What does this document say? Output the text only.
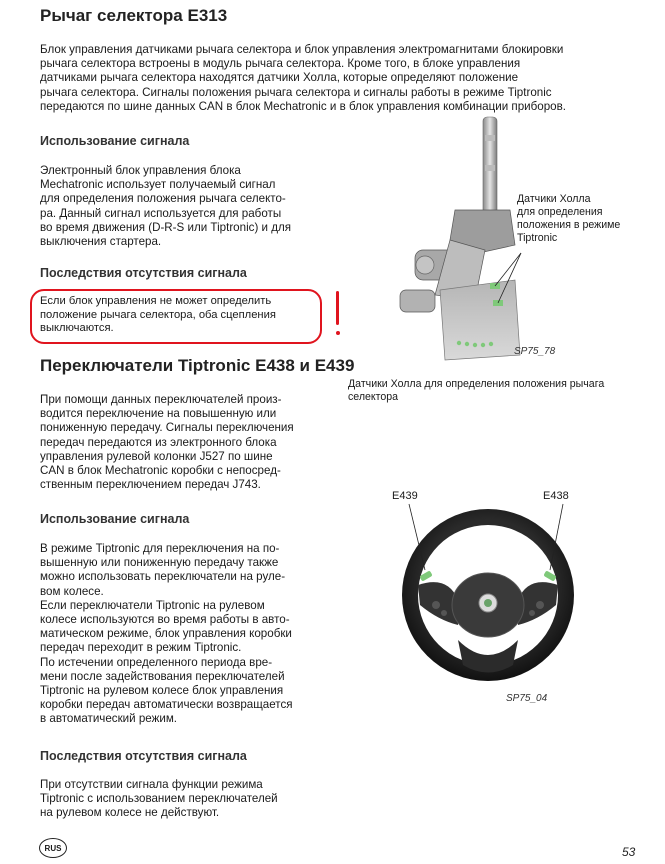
Рычаг селектора E313
Блок управления датчиками рычага селектора и блок управления электромагнитами блокировки
рычага селектора встроены в модуль рычага селектора. Кроме того, в блоке управления
датчиками рычага селектора находятся датчики Холла, которые определяют положение
рычага селектора. Сигналы положения рычага селектора и сигналы работы в режиме Tiptronic
передаются по шине данных CAN в блок Mechatronic и в блок управления комбинации приборов.
Использование сигнала
Электронный блок управления блока
Mechatronic использует получаемый сигнал
для определения положения рычага селекто-
ра. Данный сигнал используется для работы
во время движения (D-R-S или Tiptronic) и для
выключения стартера.
Последствия отсутствия сигнала
Если блок управления не может определить
положение рычага селектора, оба сцепления
выключаются.
Датчики Холла
для определения
положения в режиме
Tiptronic
SP75_78
Датчики Холла для определения положения рычага
селектора
Переключатели Tiptronic E438 и E439
При помощи данных переключателей произ-
водится переключение на повышенную или
пониженную передачу. Сигналы переключения
передач передаются из электронного блока
управления рулевой колонки J527 по шине
CAN в блок Mechatronic коробки с непосред-
ственным переключением передач J743.
Использование сигнала
В режиме Tiptronic для переключения на по-
вышенную или пониженную передачу также
можно использовать переключатели на руле-
вом колесе.
Если переключатели Tiptronic на рулевом
колесе используются во время работы в авто-
матическом режиме, блок управления коробки
передач переходит в режим Tiptronic.
По истечении определенного периода вре-
мени после задействования переключателей
Tiptronic на рулевом колесе блок управления
коробки передач автоматически возвращается
в автоматический режим.
Последствия отсутствия сигнала
При отсутствии сигнала функции режима
Tiptronic с использованием переключателей
на рулевом колесе не действуют.
E439	E438
SP75_04
RUS	53
